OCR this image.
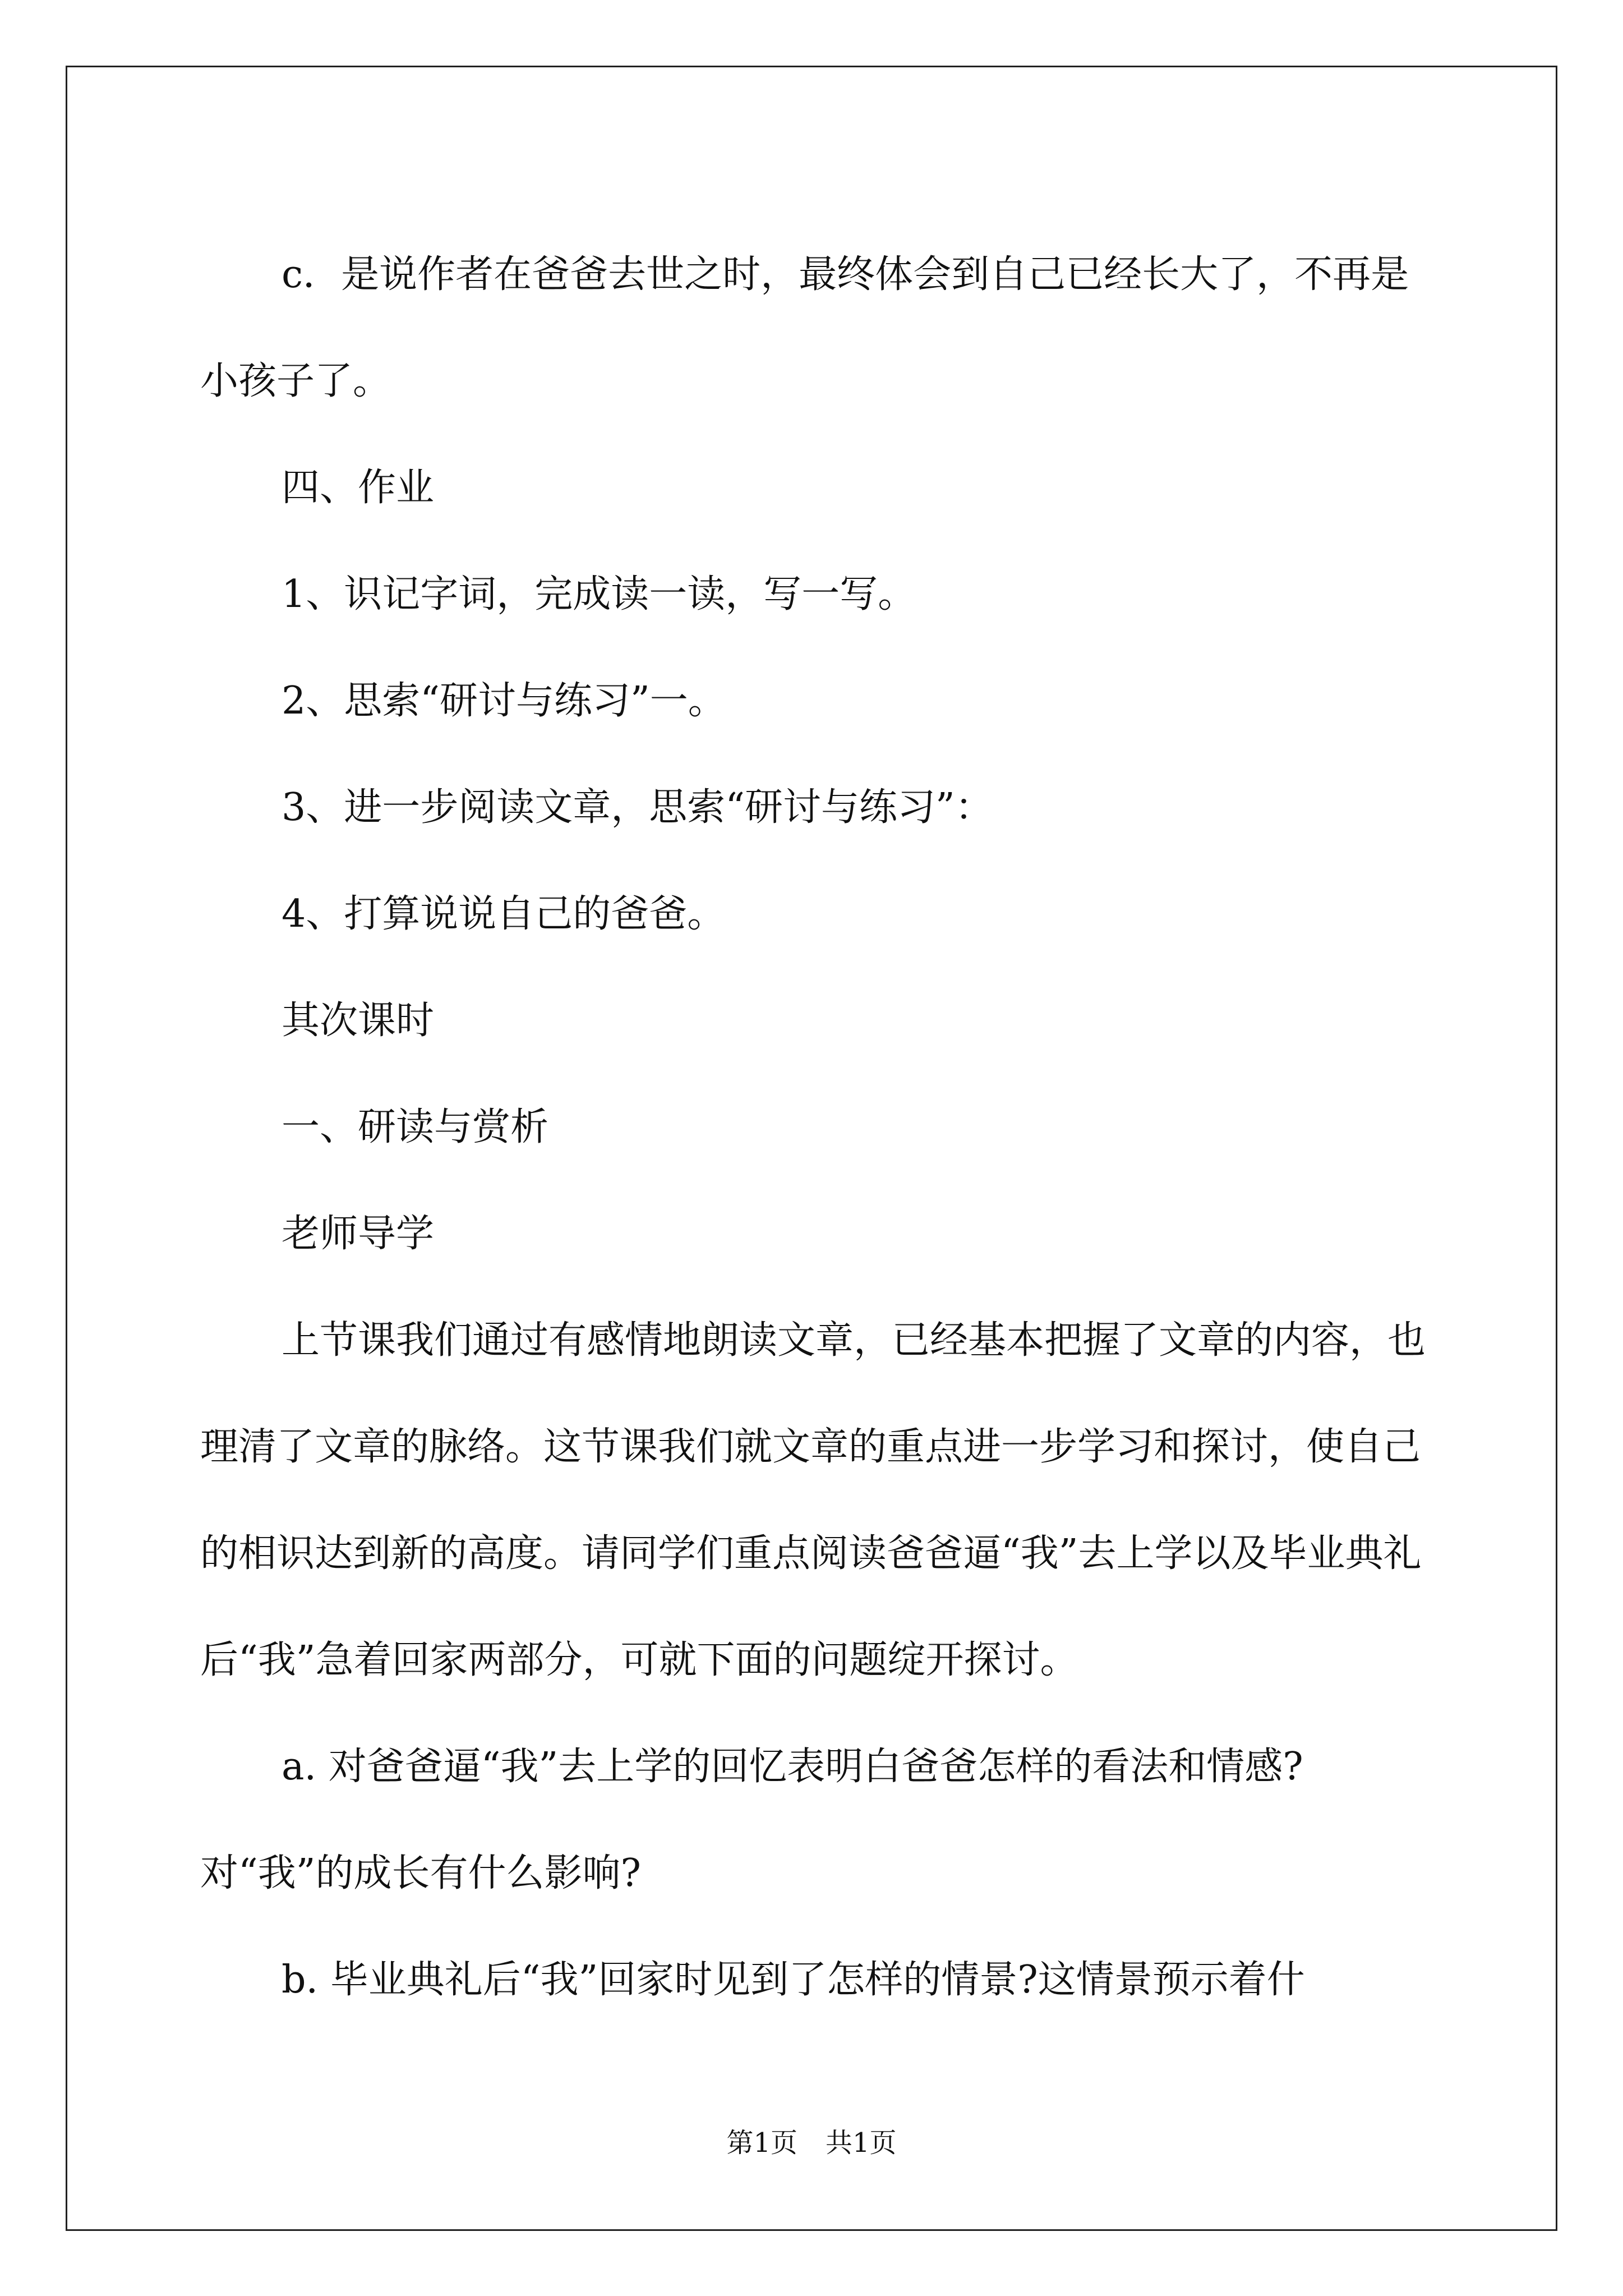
c．是说作者在爸爸去世之时，最终体会到自己已经长大了，不再是小孩子了。

四、作业

1、识记字词，完成读一读，写一写。

2、思索“研讨与练习”一。

3、进一步阅读文章，思索“研讨与练习”：

4、打算说说自己的爸爸。

其次课时

一、研读与赏析

老师导学

上节课我们通过有感情地朗读文章，已经基本把握了文章的内容，也理清了文章的脉络。这节课我们就文章的重点进一步学习和探讨，使自己的相识达到新的高度。请同学们重点阅读爸爸逼“我”去上学以及毕业典礼后“我”急着回家两部分，可就下面的问题绽开探讨。

a. 对爸爸逼“我”去上学的回忆表明白爸爸怎样的看法和情感?对“我”的成长有什么影响?

b. 毕业典礼后“我”回家时见到了怎样的情景?这情景预示着什

第1页 共1页
